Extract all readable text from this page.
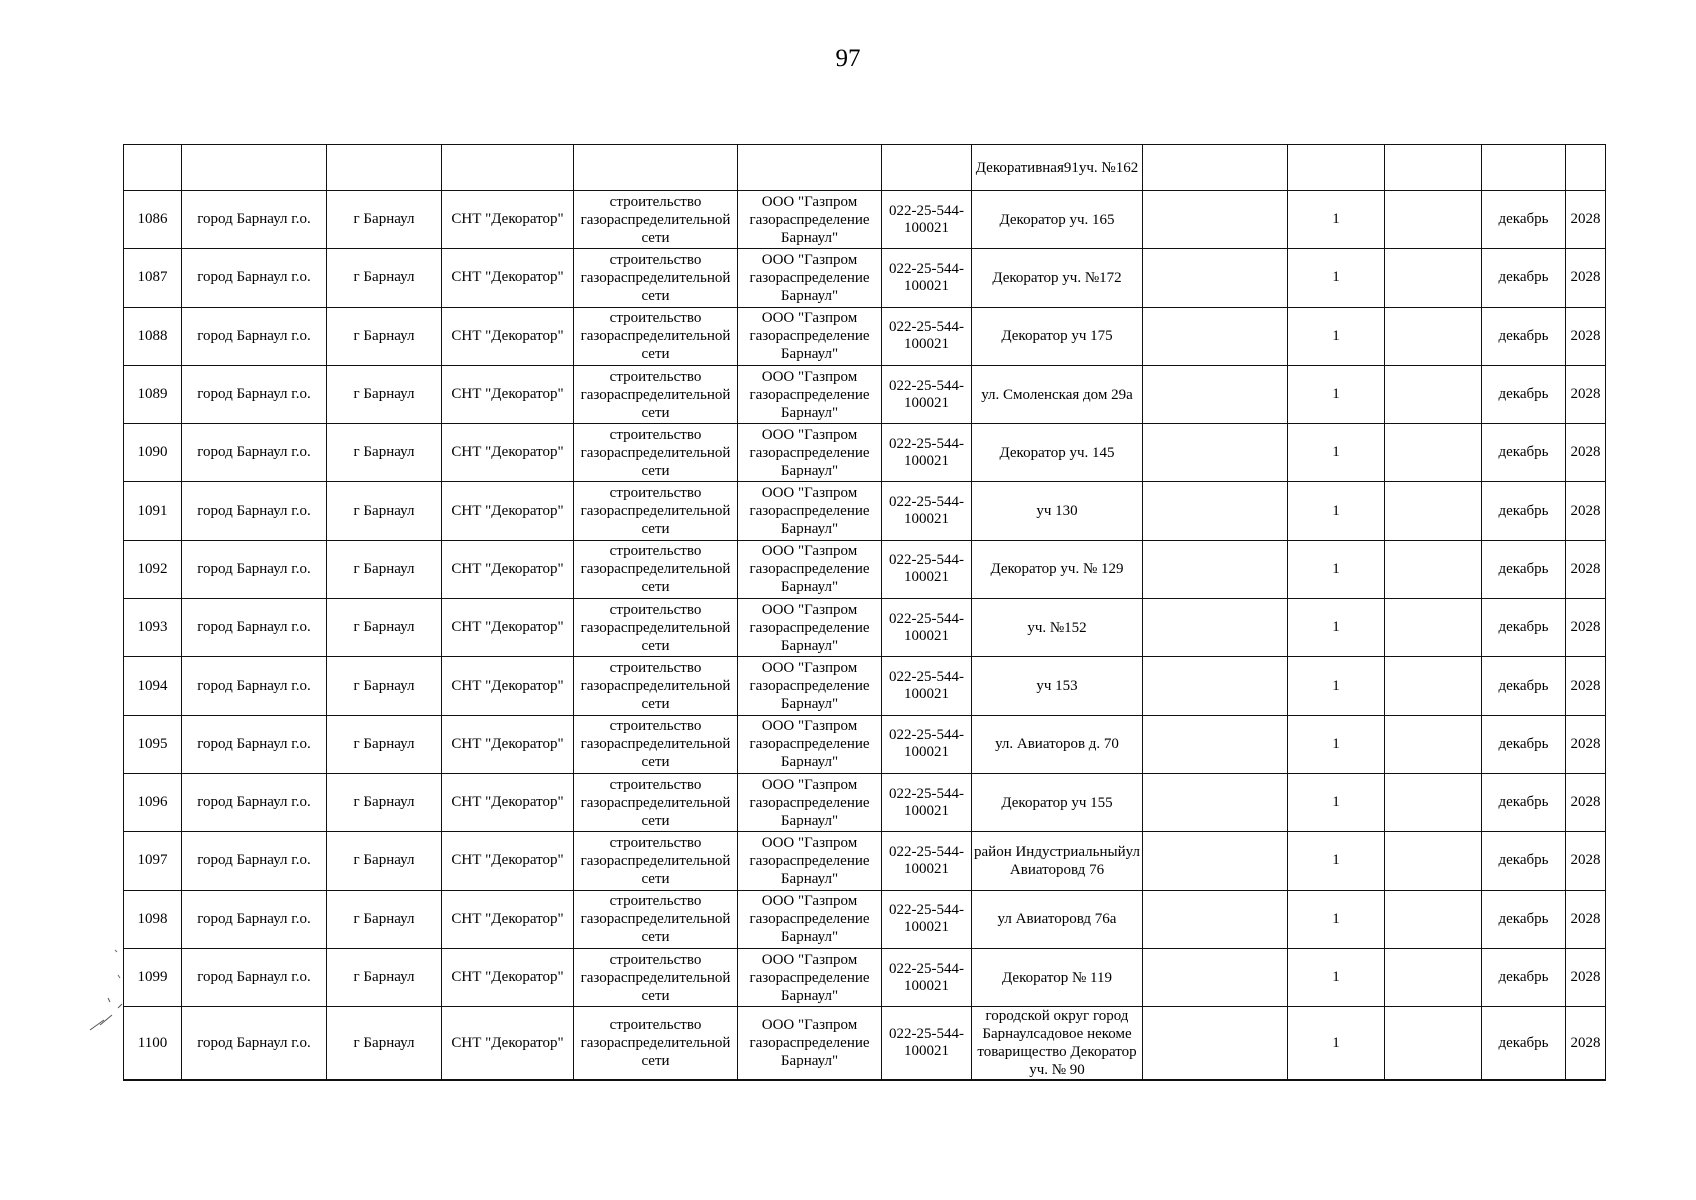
97
							Декоративная91уч. №162					
1086	город Барнаул г.о.	г Барнаул	СНТ "Декоратор"	строительство газораспределительной сети	ООО "Газпром газораспределение Барнаул"	022-25-544-100021	Декоратор уч. 165		1		декабрь	2028
1087	город Барнаул г.о.	г Барнаул	СНТ "Декоратор"	строительство газораспределительной сети	ООО "Газпром газораспределение Барнаул"	022-25-544-100021	Декоратор уч. №172		1		декабрь	2028
1088	город Барнаул г.о.	г Барнаул	СНТ "Декоратор"	строительство газораспределительной сети	ООО "Газпром газораспределение Барнаул"	022-25-544-100021	Декоратор уч 175		1		декабрь	2028
1089	город Барнаул г.о.	г Барнаул	СНТ "Декоратор"	строительство газораспределительной сети	ООО "Газпром газораспределение Барнаул"	022-25-544-100021	ул. Смоленская дом 29а		1		декабрь	2028
1090	город Барнаул г.о.	г Барнаул	СНТ "Декоратор"	строительство газораспределительной сети	ООО "Газпром газораспределение Барнаул"	022-25-544-100021	Декоратор уч. 145		1		декабрь	2028
1091	город Барнаул г.о.	г Барнаул	СНТ "Декоратор"	строительство газораспределительной сети	ООО "Газпром газораспределение Барнаул"	022-25-544-100021	уч 130		1		декабрь	2028
1092	город Барнаул г.о.	г Барнаул	СНТ "Декоратор"	строительство газораспределительной сети	ООО "Газпром газораспределение Барнаул"	022-25-544-100021	Декоратор уч. № 129		1		декабрь	2028
1093	город Барнаул г.о.	г Барнаул	СНТ "Декоратор"	строительство газораспределительной сети	ООО "Газпром газораспределение Барнаул"	022-25-544-100021	уч. №152		1		декабрь	2028
1094	город Барнаул г.о.	г Барнаул	СНТ "Декоратор"	строительство газораспределительной сети	ООО "Газпром газораспределение Барнаул"	022-25-544-100021	уч 153		1		декабрь	2028
1095	город Барнаул г.о.	г Барнаул	СНТ "Декоратор"	строительство газораспределительной сети	ООО "Газпром газораспределение Барнаул"	022-25-544-100021	ул. Авиаторов д. 70		1		декабрь	2028
1096	город Барнаул г.о.	г Барнаул	СНТ "Декоратор"	строительство газораспределительной сети	ООО "Газпром газораспределение Барнаул"	022-25-544-100021	Декоратор уч 155		1		декабрь	2028
1097	город Барнаул г.о.	г Барнаул	СНТ "Декоратор"	строительство газораспределительной сети	ООО "Газпром газораспределение Барнаул"	022-25-544-100021	район Индустриальныйул Авиаторовд 76		1		декабрь	2028
1098	город Барнаул г.о.	г Барнаул	СНТ "Декоратор"	строительство газораспределительной сети	ООО "Газпром газораспределение Барнаул"	022-25-544-100021	ул Авиаторовд 76а		1		декабрь	2028
1099	город Барнаул г.о.	г Барнаул	СНТ "Декоратор"	строительство газораспределительной сети	ООО "Газпром газораспределение Барнаул"	022-25-544-100021	Декоратор № 119		1		декабрь	2028
1100	город Барнаул г.о.	г Барнаул	СНТ "Декоратор"	строительство газораспределительной сети	ООО "Газпром газораспределение Барнаул"	022-25-544-100021	городской округ город Барнаулсадовое некоме товарищество Декоратор уч. № 90		1		декабрь	2028
